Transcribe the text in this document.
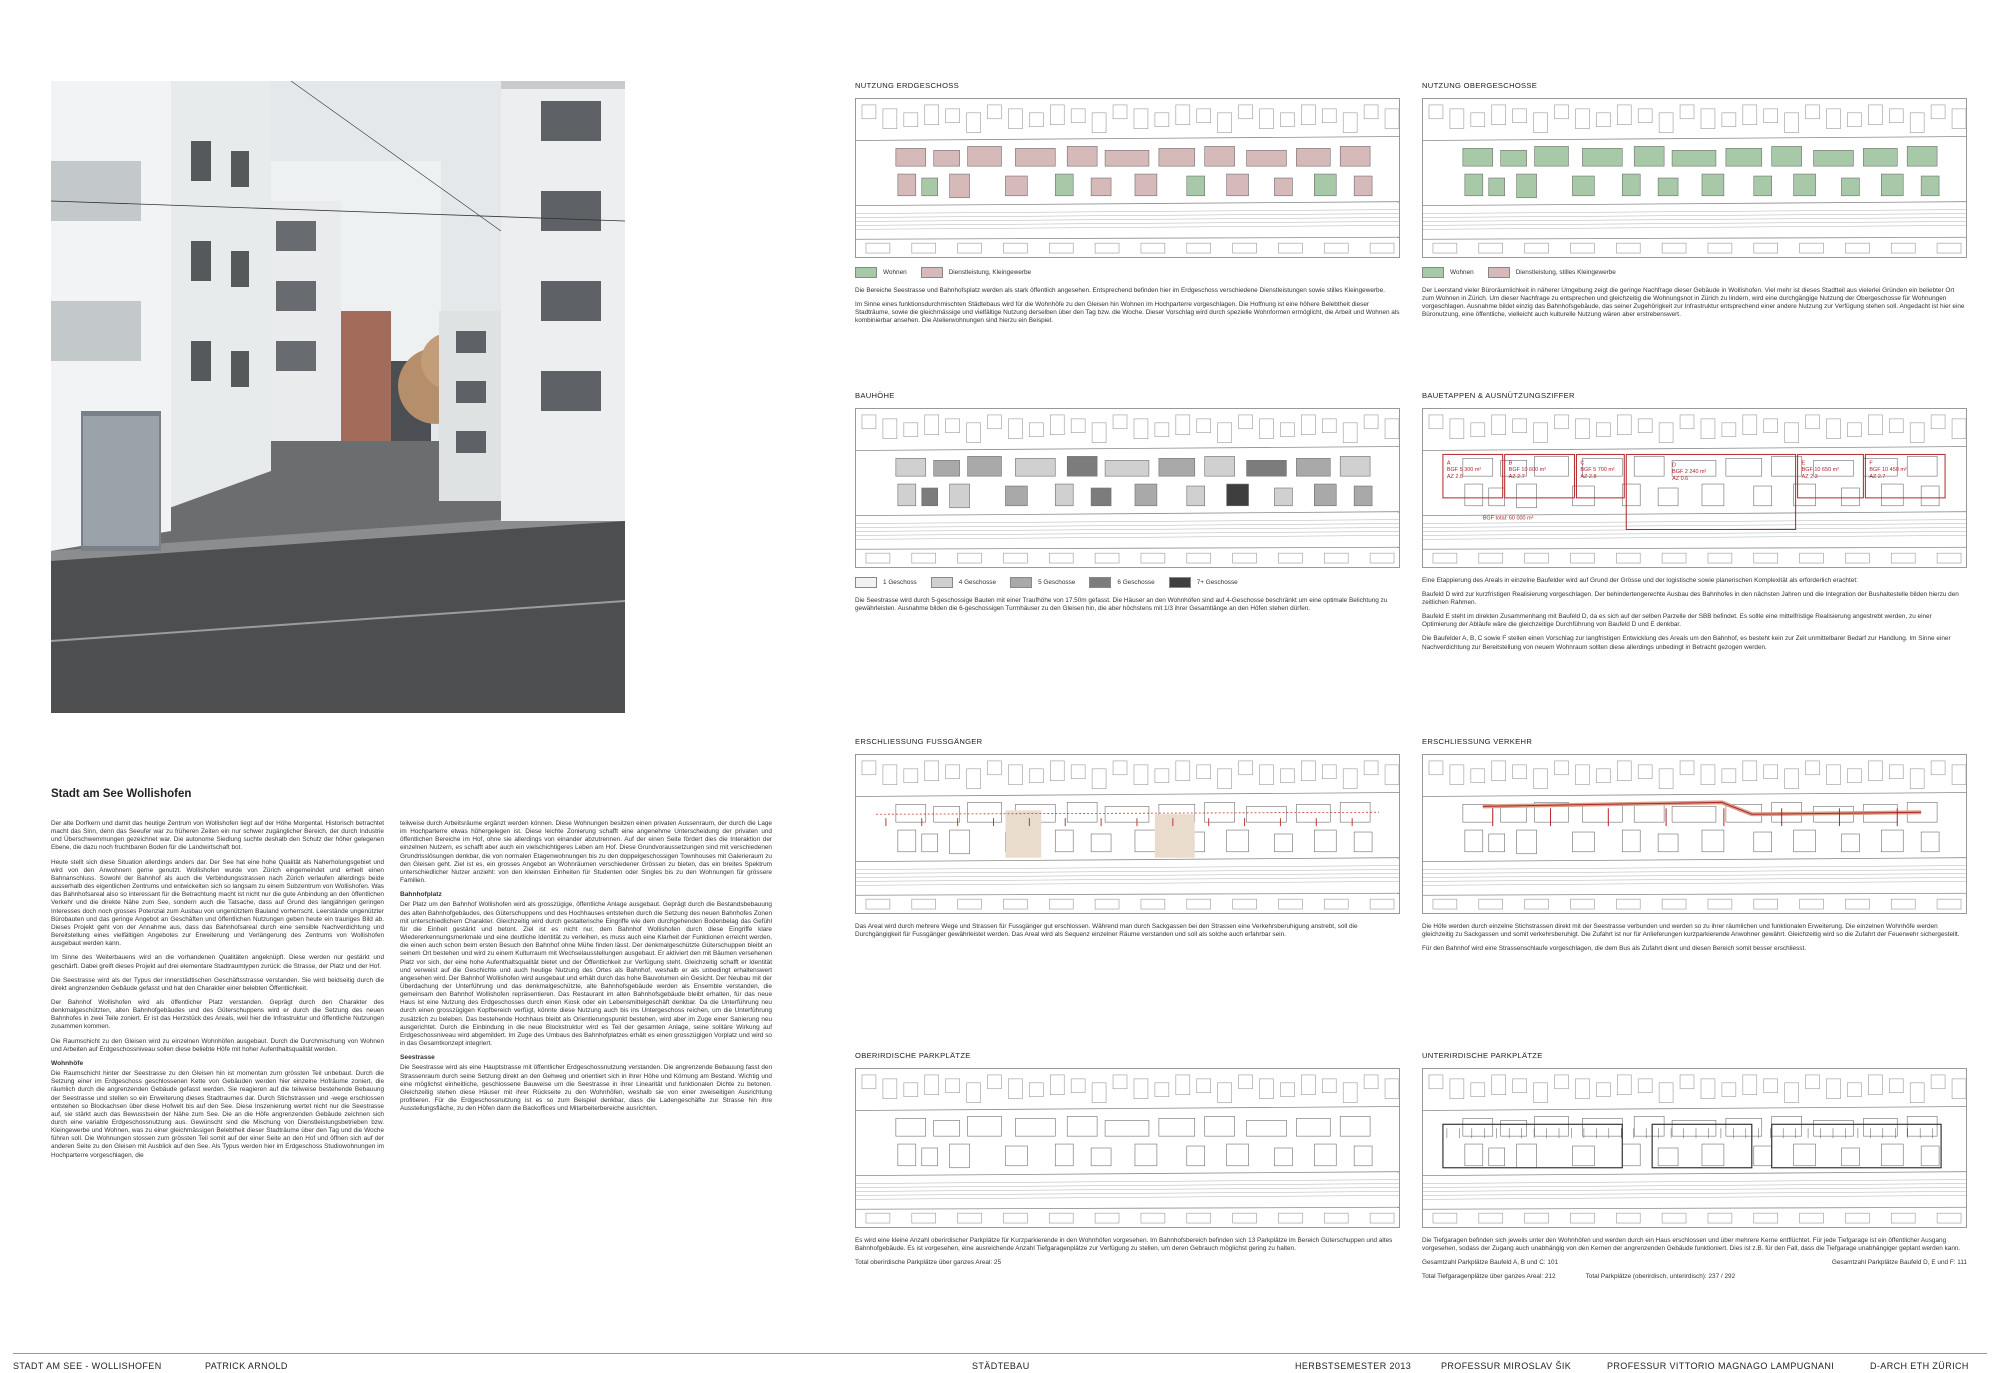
Stadt am See Wollishofen

Der alte Dorfkern und damit das heutige Zentrum von Wollishofen liegt auf der Höhe Morgental. Historisch betrachtet macht das Sinn, denn das Seeufer war zu früheren Zeiten ein nur schwer zugänglicher Bereich, der durch Industrie und Überschwemmungen gezeichnet war. Die autonome Siedlung suchte deshalb den Schutz der höher gelegenen Ebene, die dazu noch fruchtbaren Boden für die Landwirtschaft bot.

Heute stellt sich diese Situation allerdings anders dar. Der See hat eine hohe Qualität als Naherholungsgebiet und wird von den Anwohnern gerne genutzt. Wollishofen wurde von Zürich eingemeindet und erhielt einen Bahnanschluss. Sowohl der Bahnhof als auch die Verbindungsstrassen nach Zürich verlaufen allerdings beide ausserhalb des eigentlichen Zentrums und entwickelten sich so langsam zu einem Subzentrum von Wollishofen. Was das Bahnhofsareal also so interessant für die Betrachtung macht ist nicht nur die gute Anbindung an den öffentlichen Verkehr und die direkte Nähe zum See, sondern auch die Tatsache, dass auf Grund des langjährigen geringen Interesses doch noch grosses Potenzial zum Ausbau von ungenütztem Bauland vorherrscht. Leerstände ungenützter Bürobauten und das geringe Angebot an Geschäften und öffentlichen Nutzungen geben heute ein trauriges Bild ab. Dieses Projekt geht von der Annahme aus, dass das Bahnhofsareal durch eine sensible Nachverdichtung und Bereitstellung eines vielfältigen Angebotes zur Erweiterung und Verlängerung des Zentrums von Wollishofen ausgebaut werden kann.

Im Sinne des Weiterbauens wird an die vorhandenen Qualitäten angeknüpft. Diese werden nur gestärkt und geschärft. Dabei greift dieses Projekt auf drei elementare Stadtraumtypen zurück: die Strasse, der Platz und der Hof.

Die Seestrasse wird als der Typus der innerstädtischen Geschäftsstrasse verstanden. Sie wird beidseitig durch die direkt angrenzenden Gebäude gefasst und hat den Charakter einer belebten Öffentlichkeit.

Der Bahnhof Wollishofen wird als öffentlicher Platz verstanden. Geprägt durch den Charakter des denkmalgeschützten, alten Bahnhofgebäudes und des Güterschuppens wird er durch die Setzung des neuen Bahnhofes in zwei Teile zoniert. Er ist das Herzstück des Areals, weil hier die Infrastruktur und öffentliche Nutzungen zusammen kommen.

Die Raumschicht zu den Gleisen wird zu einzelnen Wohnhöfen ausgebaut. Durch die Durchmischung von Wohnen und Arbeiten auf Erdgeschossniveau sollen diese beliebte Höfe mit hoher Aufenthaltsqualität werden.

Wohnhöfe

Die Raumschicht hinter der Seestrasse zu den Gleisen hin ist momentan zum grössten Teil unbebaut. Durch die Setzung einer im Erdgeschoss geschlossenen Kette von Gebäuden werden hier einzelne Hofräume zoniert, die räumlich durch die angrenzenden Gebäude gefasst werden. Sie reagieren auf die teilweise bestehende Bebauung der Seestrasse und stellen so ein Erweiterung dieses Stadtraumes dar. Durch Stichstrassen und -wege erschlossen entstehen so Blockachsen über diese Hofwelt bis auf den See. Diese Inszenierung wertet nicht nur die Seestrasse auf, sie stärkt auch das Bewusstsein der Nähe zum See. Die an die Höfe angrenzenden Gebäude zeichnen sich durch eine variable Erdgeschossnutzung aus. Gewünscht sind die Mischung von Dienstleistungsbetrieben bzw. Kleingewerbe und Wohnen, was zu einer gleichmässigen Belebtheit dieser Stadträume über den Tag und die Woche führen soll. Die Wohnungen stossen zum grössten Teil somit auf der einer Seite an den Hof und öffnen sich auf der anderen Seite zu den Gleisen mit Ausblick auf den See. Als Typus werden hier im Erdgeschoss Studiowohnungen im Hochparterre vorgeschlagen, die

teilweise durch Arbeitsräume ergänzt werden können. Diese Wohnungen besitzen einen privaten Aussenraum, der durch die Lage im Hochparterre etwas höhergelegen ist. Diese leichte Zonierung schafft eine angenehme Unterscheidung der privaten und öffentlichen Bereiche im Hof, ohne sie allerdings von einander abzutrennen. Auf der einen Seite fördert dies die Interaktion der einzelnen Nutzern, es schafft aber auch ein vielschichtigeres Leben am Hof. Diese Grundvoraussetzungen sind mit verschiedenen Grundrisslösungen denkbar, die von normalen Etagenwohnungen bis zu den doppelgeschossigen Townhouses mit Galerieraum zu den Gleisen geht. Ziel ist es, ein grosses Angebot an Wohnräumen verschiedener Grössen zu bieten, das ein breites Spektrum unterschiedlicher Nutzer anzieht: von den kleinsten Einheiten für Studenten oder Singles bis zu den Wohnungen für grössere Familien.

Bahnhofplatz

Der Platz um den Bahnhof Wollishofen wird als grosszügige, öffentliche Anlage ausgebaut. Geprägt durch die Bestandsbebauung des alten Bahnhofgebäudes, des Güterschuppens und des Hochhauses entstehen durch die Setzung des neuen Bahnhofes Zonen mit unterschiedlichem Charakter. Gleichzeitig wird durch gestalterische Eingriffe wie dem durchgehenden Bodenbelag das Gefühl für die Einheit gestärkt und betont. Ziel ist es nicht nur, dem Bahnhof Wollishofen durch diese Eingriffe klare Wiedererkennungsmerkmale und eine deutliche Identität zu verleihen, es muss auch eine Klarheit der Funktionen erreicht werden, die einen auch schon beim ersten Besuch den Bahnhof ohne Mühe finden lässt. Der denkmalgeschützte Güterschuppen bleibt an seinem Ort bestehen und wird zu einem Kulturraum mit Wechselausstellungen ausgebaut. Er aktiviert den mit Bäumen versehenen Platz vor sich, der eine hohe Aufenthaltsqualität bietet und der Öffentlichkeit zur Verfügung steht. Gleichzeitig schafft er Identität und verweist auf die Geschichte und auch heutige Nutzung des Ortes als Bahnhof, weshalb er als unbedingt erhaltenswert angesehen wird. Der Bahnhof Wollishofen wird ausgebaut und erhält durch das hohe Bauvolumen ein Gesicht. Der Neubau mit der Überdachung der Unterführung und das denkmalgeschützte, alte Bahnhofsgebäude werden als Ensemble verstanden, die gemeinsam den Bahnhof Wollishofen repräsentieren. Das Restaurant im alten Bahnhofsgebäude bleibt erhalten, für das neue Haus ist eine Nutzung des Erdgeschosses durch einen Kiosk oder ein Lebensmittelgeschäft denkbar. Da die Unterführung neu durch einen grosszügigen Kopfbereich verfügt, könnte diese Nutzung auch bis ins Untergeschoss reichen, um die Unterführung zusätzlich zu beleben. Das bestehende Hochhaus bleibt als Orientierungspunkt bestehen, wird aber im Zuge einer Sanierung neu ausgerichtet. Durch die Einbindung in die neue Blockstruktur wird es Teil der gesamten Anlage, seine solitäre Wirkung auf Erdgeschossniveau wird abgemildert. Im Zuge des Umbaus des Bahnhofplatzes erhält es einen grosszügigen Vorplatz und wird so in das Gesamtkonzept integriert.

Seestrasse

Die Seestrasse wird als eine Hauptstrasse mit öffentlicher Erdgeschossnutzung verstanden. Die angrenzende Bebauung fasst den Strassenraum durch seine Setzung direkt an den Gehweg und orientiert sich in ihrer Höhe und Körnung am Bestand. Wichtig und eine möglichst einheitliche, geschlossene Bauweise um die Seestrasse in ihrer Linearität und funktionalen Dichte zu betonen. Gleichzeitig stehen diese Häuser mit ihrer Rückseite zu den Wohnhöfen, weshalb sie von einer zweiseitigen Ausrichtung profitieren. Für die Erdgeschossnutzung ist es so zum Beispiel denkbar, dass die Ladengeschäfte zur Strasse hin ihre Ausstellungsfläche, zu den Höfen dann die Backoffices und Mitarbeiterbereiche ausrichten.

NUTZUNG ERDGESCHOSS
Wohnen	Dienstleistung, Kleingewerbe

Die Bereiche Seestrasse und Bahnhofsplatz werden als stark öffentlich angesehen. Entsprechend befinden hier im Erdgeschoss verschiedene Dienstleistungen sowie stilles Kleingewerbe.

Im Sinne eines funktionsdurchmischten Städtebaus wird für die Wohnhöfe zu den Gleisen hin Wohnen im Hochparterre vorgeschlagen. Die Hoffnung ist eine höhere Belebtheit dieser Stadträume, sowie die gleichmässige und vielfältige Nutzung derselben über den Tag bzw. die Woche. Dieser Vorschlag wird durch spezielle Wohnformen ermöglicht, die Arbeit und Wohnen als kombinierbar ansehen. Die Atelierwohnungen sind hierzu ein Beispiel.

NUTZUNG OBERGESCHOSSE
Wohnen	Dienstleistung, stilles Kleingewerbe

Der Leerstand vieler Büroräumlichkeit in näherer Umgebung zeigt die geringe Nachfrage dieser Gebäude in Wollishofen. Viel mehr ist dieses Stadtteil aus vielerlei Gründen ein beliebter Ort zum Wohnen in Zürich. Um dieser Nachfrage zu entsprechen und gleichzeitig die Wohnungsnot in Zürich zu lindern, wird eine durchgängige Nutzung der Obergeschosse für Wohnungen vorgeschlagen. Ausnahme bildet einzig das Bahnhofsgebäude, das seiner Zugehörigkeit zur Infrastruktur entsprechend einer andere Nutzung zur Verfügung stehen soll. Angedacht ist hier eine Büronutzung, eine öffentliche, vielleicht auch kulturelle Nutzung wären aber erstrebenswert.

BAUHÖHE
1 Geschoss	4 Geschosse	5 Geschosse	6 Geschosse	7+ Geschosse

Die Seestrasse wird durch 5-geschossige Bauten mit einer Traufhöhe von 17.50m gefasst. Die Häuser an den Wohnhöfen sind auf 4-Geschosse beschränkt um eine optimale Belichtung zu gewährleisten. Ausnahme bilden die 6-geschossigen Turmhäuser zu den Gleisen hin, die aber höchstens mit 1/3 ihrer Gesamtlänge an den Höfen stehen dürfen.

BAUETAPPEN & AUSNÜTZUNGSZIFFER
A
BGF 5 300 m²
AZ 2.6
B
BGF 10 600 m²
AZ 2.7
C
BGF 5 700 m²
AZ 2.8
D
BGF 2 240 m²
AZ 0.6
E
BGF 10 650 m²
AZ 2.3
F
BGF 10 450 m²
AZ 2.7
BGF total: 60 000 m²

Eine Etappierung des Areals in einzelne Baufelder wird auf Grund der Grösse und der logistische sowie planerischen Komplexität als erforderlich erachtet:

Baufeld D wird zur kurzfristigen Realisierung vorgeschlagen. Der behindertengerechte Ausbau des Bahnhofes in den nächsten Jahren und die Integration der Bushaltestelle bilden hierzu den zeitlichen Rahmen.

Baufeld E steht im direkten Zusammenhang mit Baufeld D, da es sich auf der selben Parzelle der SBB befindet. Es sollte eine mittelfristige Realisierung angestrebt werden, zu einer Optimierung der Abläufe wäre die gleichzeitige Durchführung von Baufeld D und E denkbar.

Die Baufelder A, B, C sowie F stellen einen Vorschlag zur langfristigen Entwicklung des Areals um den Bahnhof, es besteht kein zur Zeit unmittelbarer Bedarf zur Handlung. Im Sinne einer Nachverdichtung zur Bereitstellung von neuem Wohnraum sollten diese allerdings unbedingt in Betracht gezogen werden.

ERSCHLIESSUNG FUSSGÄNGER

Das Areal wird durch mehrere Wege und Strassen für Fussgänger gut erschlossen. Während man durch Sackgassen bei den Strassen eine Verkehrsberuhigung anstrebt, soll die Durchgängigkeit für Fussgänger gewährleistet werden. Das Areal wird als Sequenz einzelner Räume verstanden und soll als solche auch erfahrbar sein.

ERSCHLIESSUNG VERKEHR

Die Höfe werden durch einzelne Stichstrassen direkt mit der Seestrasse verbunden und werden so zu ihrer räumlichen und funktionalen Erweiterung. Die einzelnen Wohnhöfe werden gleichzeitig zu Sackgassen und somit verkehrsberuhigt. Die Zufahrt ist nur für Anlieferungen kurzparkierende Anwohner gewährt. Gleichzeitig wird so die Zufahrt der Feuerwehr sichergestellt.

Für den Bahnhof wird eine Strassenschlaufe vorgeschlagen, die dem Bus als Zufahrt dient und diesen Bereich somit besser erschliesst.

OBERIRDISCHE PARKPLÄTZE

Es wird eine kleine Anzahl oberirdischer Parkplätze für Kurzparkierende in den Wohnhöfen vorgesehen. Im Bahnhofsbereich befinden sich 13 Parkplätze im Bereich Güterschuppen und altes Bahnhofgebäude. Es ist vorgesehen, eine ausreichende Anzahl Tiefgaragenplätze zur Verfügung zu stellen, um deren Gebrauch möglichst gering zu halten.

Total oberirdische Parkplätze über ganzes Areal: 25

UNTERIRDISCHE PARKPLÄTZE

Die Tiefgaragen befinden sich jeweils unter den Wohnhöfen und werden durch ein Haus erschlossen und über mehrere Kerne entflüchtet. Für jede Tiefgarage ist ein öffentlicher Ausgang vorgesehen, sodass der Zugang auch unabhängig von den Kernen der angrenzenden Gebäude funktioniert. Dies ist z.B. für den Fall, dass die Tiefgarage unabhängiger geplant werden kann.

Gesamtzahl Parkplätze Baufeld A, B und C: 101	Gesamtzahl Parkplätze Baufeld D, E und F: 111
Total Tiefgaragenplätze über ganzes Areal: 212	Total Parkplätze (oberirdisch, unterirdisch): 237 / 292
STADT AM SEE - WOLLISHOFEN	PATRICK ARNOLD	STÄDTEBAU	HERBSTSEMESTER 2013	PROFESSUR MIROSLAV ŠIK	PROFESSUR VITTORIO MAGNAGO LAMPUGNANI	D-ARCH ETH ZÜRICH
